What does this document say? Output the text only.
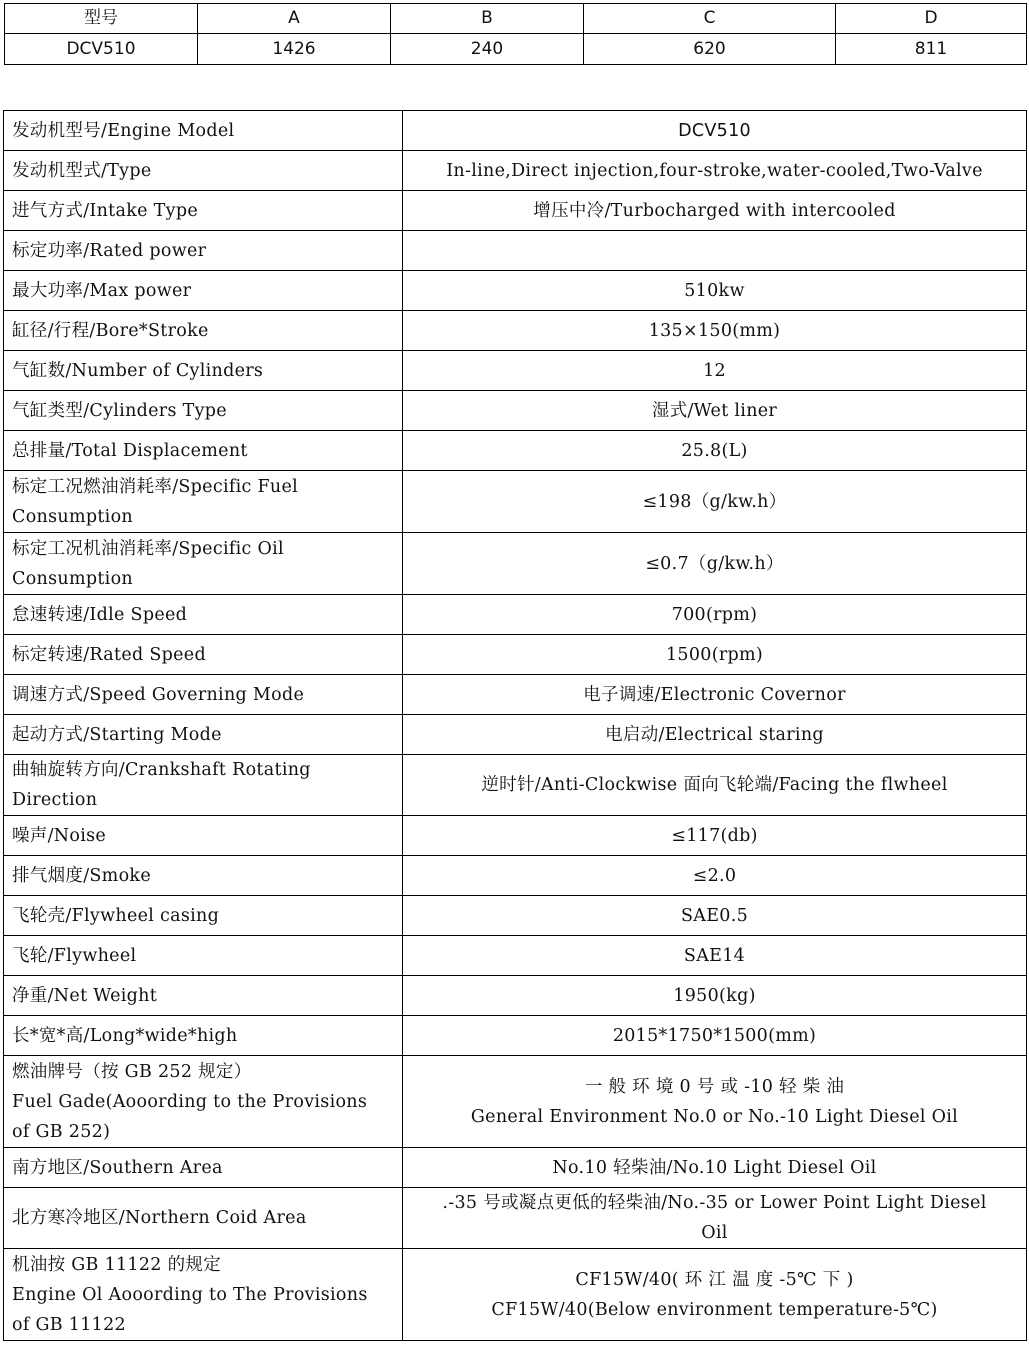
型号	A	B	C	D
DCV510	1426	240	620	811
发动机型号/Engine Model	DCV510

发动机型式/Type	In-line,Direct injection,four-stroke,water-cooled,Two-Valve

进气方式/Intake Type	增压中冷/Turbocharged with intercooled

标定功率/Rated power	

最大功率/Max power	510kw

缸径/行程/Bore*Stroke	135×150(mm)

气缸数/Number of Cylinders	12

气缸类型/Cylinders Type	湿式/Wet liner

总排量/Total Displacement	25.8(L)

标定工况燃油消耗率/Specific Fuel
Consumption	≤198（g/kw.h）

标定工况机油消耗率/Specific Oil
Consumption	≤0.7（g/kw.h）

怠速转速/Idle Speed	700(rpm)

标定转速/Rated Speed	1500(rpm)

调速方式/Speed Governing Mode	电子调速/Electronic Covernor

起动方式/Starting Mode	电启动/Electrical staring

曲轴旋转方向/Crankshaft Rotating
Direction	逆时针/Anti-Clockwise 面向飞轮端/Facing the flwheel

噪声/Noise	≤117(db)

排气烟度/Smoke	≤2.0

飞轮壳/Flywheel casing	SAE0.5

飞轮/Flywheel	SAE14

净重/Net Weight	1950(kg)

长*宽*高/Long*wide*high	2015*1750*1500(mm)

燃油牌号（按 GB 252 规定）
Fuel Gade(Aooording to the Provisions
of GB 252)	一 般 环 境 0 号 或 -10 轻 柴 油
General Environment No.0 or No.-10 Light Diesel Oil

南方地区/Southern Area	No.10 轻柴油/No.10 Light Diesel Oil

北方寒冷地区/Northern Coid Area	.-35 号或凝点更低的轻柴油/No.-35 or Lower Point Light Diesel
Oil

机油按 GB 11122 的规定
Engine Ol Aooording to The Provisions
of GB 11122	CF15W/40( 环 江 温 度 -5℃ 下 )
CF15W/40(Below environment temperature-5℃)
